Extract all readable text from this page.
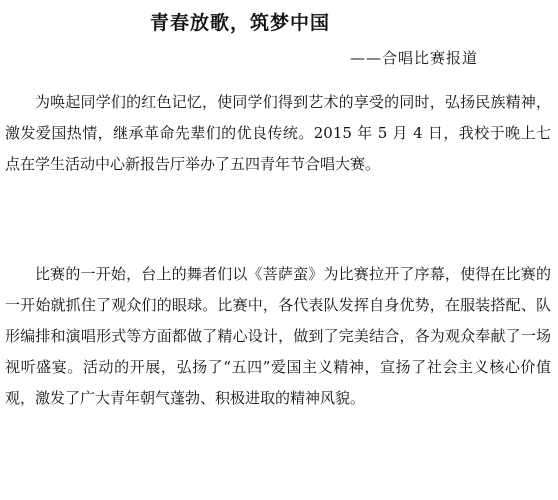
青春放歌，筑梦中国
——合唱比赛报道

为唤起同学们的红色记忆，使同学们得到艺术的享受的同时，弘扬民族精神，激发爱国热情，继承革命先辈们的优良传统。2015 年 5 月 4 日，我校于晚上七点在学生活动中心新报告厅举办了五四青年节合唱大赛。

比赛的一开始，台上的舞者们以《菩萨蛮》为比赛拉开了序幕，使得在比赛的一开始就抓住了观众们的眼球。比赛中，各代表队发挥自身优势，在服装搭配、队形编排和演唱形式等方面都做了精心设计，做到了完美结合，各为观众奉献了一场视听盛宴。活动的开展，弘扬了“五四”爱国主义精神，宣扬了社会主义核心价值观，激发了广大青年朝气蓬勃、积极进取的精神风貌。
